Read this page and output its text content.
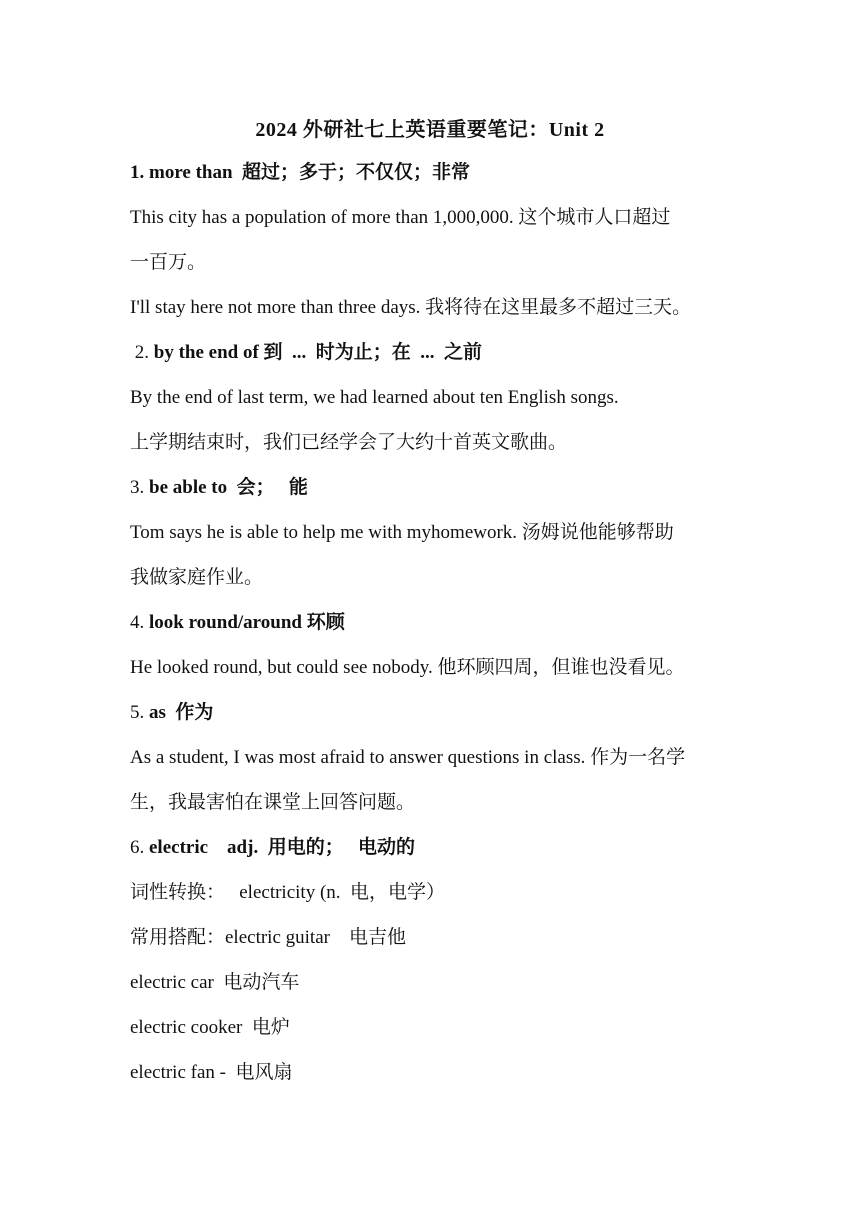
2024 外研社七上英语重要笔记：Unit 2

1. more than  超过；多于；不仅仅；非常

This city has a population of more than 1,000,000. 这个城市人口超过

一百万。

I'll stay here not more than three days. 我将待在这里最多不超过三天。

2. by the end of 到  ...  时为止；在  ...  之前

By the end of last term, we had learned about ten English songs.

上学期结束时，我们已经学会了大约十首英文歌曲。

3. be able to  会；   能

Tom says he is able to help me with myhomework. 汤姆说他能够帮助

我做家庭作业。

4. look round/around 环顾

He looked round, but could see nobody. 他环顾四周，但谁也没看见。

5. as  作为

As a student, I was most afraid to answer questions in class. 作为一名学

生，我最害怕在课堂上回答问题。

6. electric    adj.  用电的；   电动的

词性转换：   electricity (n.  电，电学）

常用搭配：electric guitar    电吉他

electric car  电动汽车

electric cooker  电炉

electric fan -  电风扇
